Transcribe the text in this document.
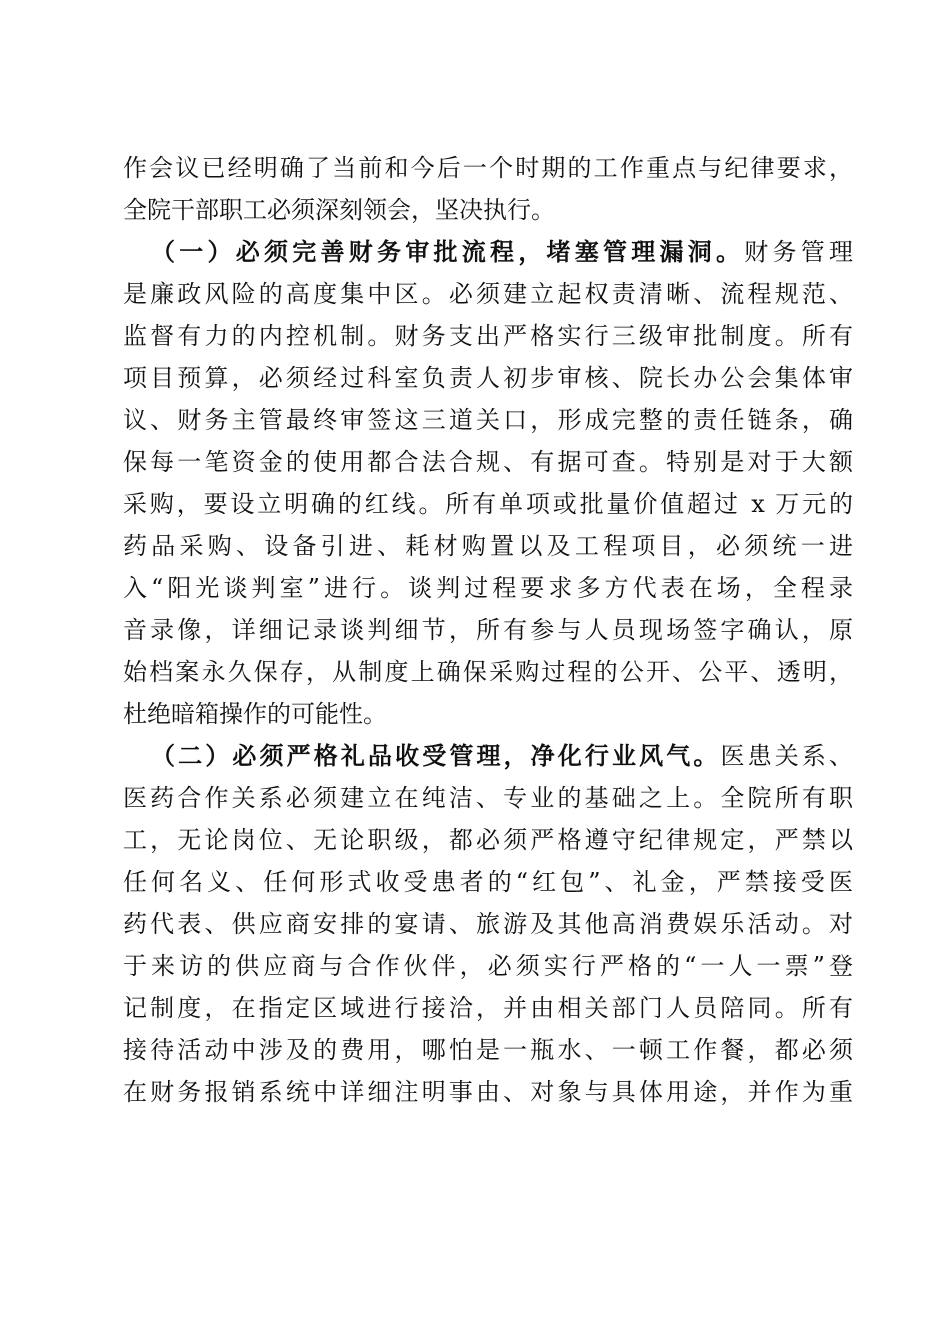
作会议已经明确了当前和今后一个时期的工作重点与纪律要求，
全院干部职工必须深刻领会，坚决执行。
（一）必须完善财务审批流程，堵塞管理漏洞。财务管理
是廉政风险的高度集中区。必须建立起权责清晰、流程规范、
监督有力的内控机制。财务支出严格实行三级审批制度。所有
项目预算，必须经过科室负责人初步审核、院长办公会集体审
议、财务主管最终审签这三道关口，形成完整的责任链条，确
保每一笔资金的使用都合法合规、有据可查。特别是对于大额
采购，要设立明确的红线。所有单项或批量价值超过 x 万元的
药品采购、设备引进、耗材购置以及工程项目，必须统一进
入“阳光谈判室”进行。谈判过程要求多方代表在场，全程录
音录像，详细记录谈判细节，所有参与人员现场签字确认，原
始档案永久保存，从制度上确保采购过程的公开、公平、透明，
杜绝暗箱操作的可能性。
（二）必须严格礼品收受管理，净化行业风气。医患关系、
医药合作关系必须建立在纯洁、专业的基础之上。全院所有职
工，无论岗位、无论职级，都必须严格遵守纪律规定，严禁以
任何名义、任何形式收受患者的“红包”、礼金，严禁接受医
药代表、供应商安排的宴请、旅游及其他高消费娱乐活动。对
于来访的供应商与合作伙伴，必须实行严格的“一人一票”登
记制度，在指定区域进行接洽，并由相关部门人员陪同。所有
接待活动中涉及的费用，哪怕是一瓶水、一顿工作餐，都必须
在财务报销系统中详细注明事由、对象与具体用途，并作为重
